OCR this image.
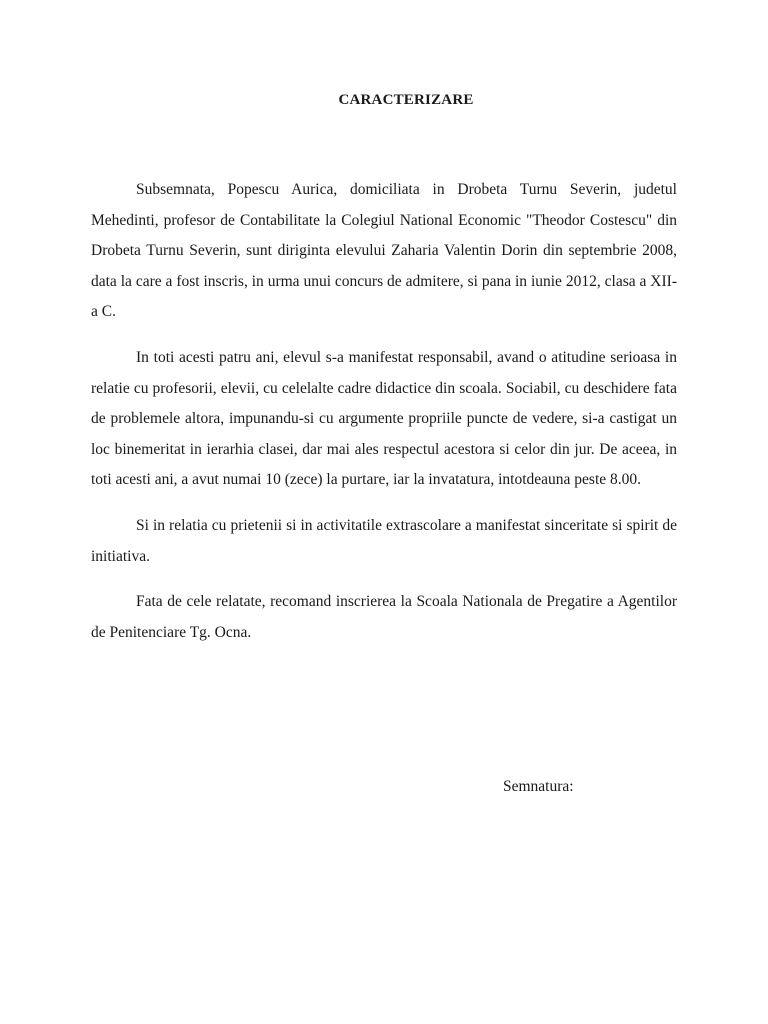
CARACTERIZARE

Subsemnata, Popescu Aurica, domiciliata in Drobeta Turnu Severin, judetul Mehedinti, profesor de Contabilitate la Colegiul National Economic "Theodor Costescu" din Drobeta Turnu Severin, sunt diriginta elevului Zaharia Valentin Dorin din septembrie 2008, data la care a fost inscris, in urma unui concurs de admitere, si pana in iunie 2012, clasa a XII-a C.

In toti acesti patru ani, elevul s-a manifestat responsabil, avand o atitudine serioasa in relatie cu profesorii, elevii, cu celelalte cadre didactice din scoala. Sociabil, cu deschidere fata de problemele altora, impunandu-si cu argumente propriile puncte de vedere, si-a castigat un loc binemeritat in ierarhia clasei, dar mai ales respectul acestora si celor din jur. De aceea, in toti acesti ani, a avut numai 10 (zece) la purtare, iar la invatatura, intotdeauna peste 8.00.

Si in relatia cu prietenii si in activitatile extrascolare a manifestat sinceritate si spirit de initiativa.

Fata de cele relatate, recomand inscrierea la Scoala Nationala de Pregatire a Agentilor de Penitenciare Tg. Ocna.

Semnatura:
